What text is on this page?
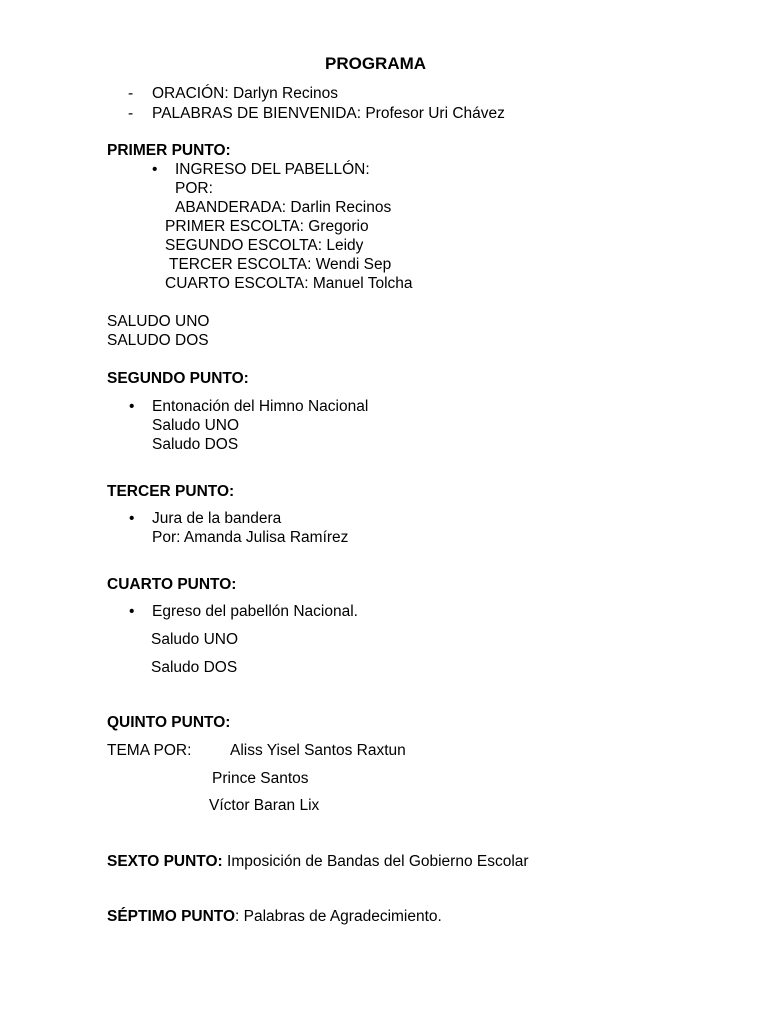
PROGRAMA
- ORACIÓN: Darlyn Recinos
- PALABRAS DE BIENVENIDA: Profesor Uri Chávez
PRIMER PUNTO:
• INGRESO DEL PABELLÓN:
POR:
ABANDERADA: Darlin Recinos
PRIMER ESCOLTA: Gregorio
SEGUNDO ESCOLTA: Leidy
TERCER ESCOLTA: Wendi Sep
CUARTO ESCOLTA: Manuel Tolcha
SALUDO UNO
SALUDO DOS
SEGUNDO PUNTO:
• Entonación del Himno Nacional
Saludo UNO
Saludo DOS
TERCER PUNTO:
• Jura de la bandera
Por: Amanda Julisa Ramírez
CUARTO PUNTO:
• Egreso del pabellón Nacional.
Saludo UNO
Saludo DOS
QUINTO PUNTO:
TEMA POR: Aliss Yisel Santos Raxtun
Prince Santos
Víctor Baran Lix
SEXTO PUNTO: Imposición de Bandas del Gobierno Escolar
SÉPTIMO PUNTO: Palabras de Agradecimiento.
